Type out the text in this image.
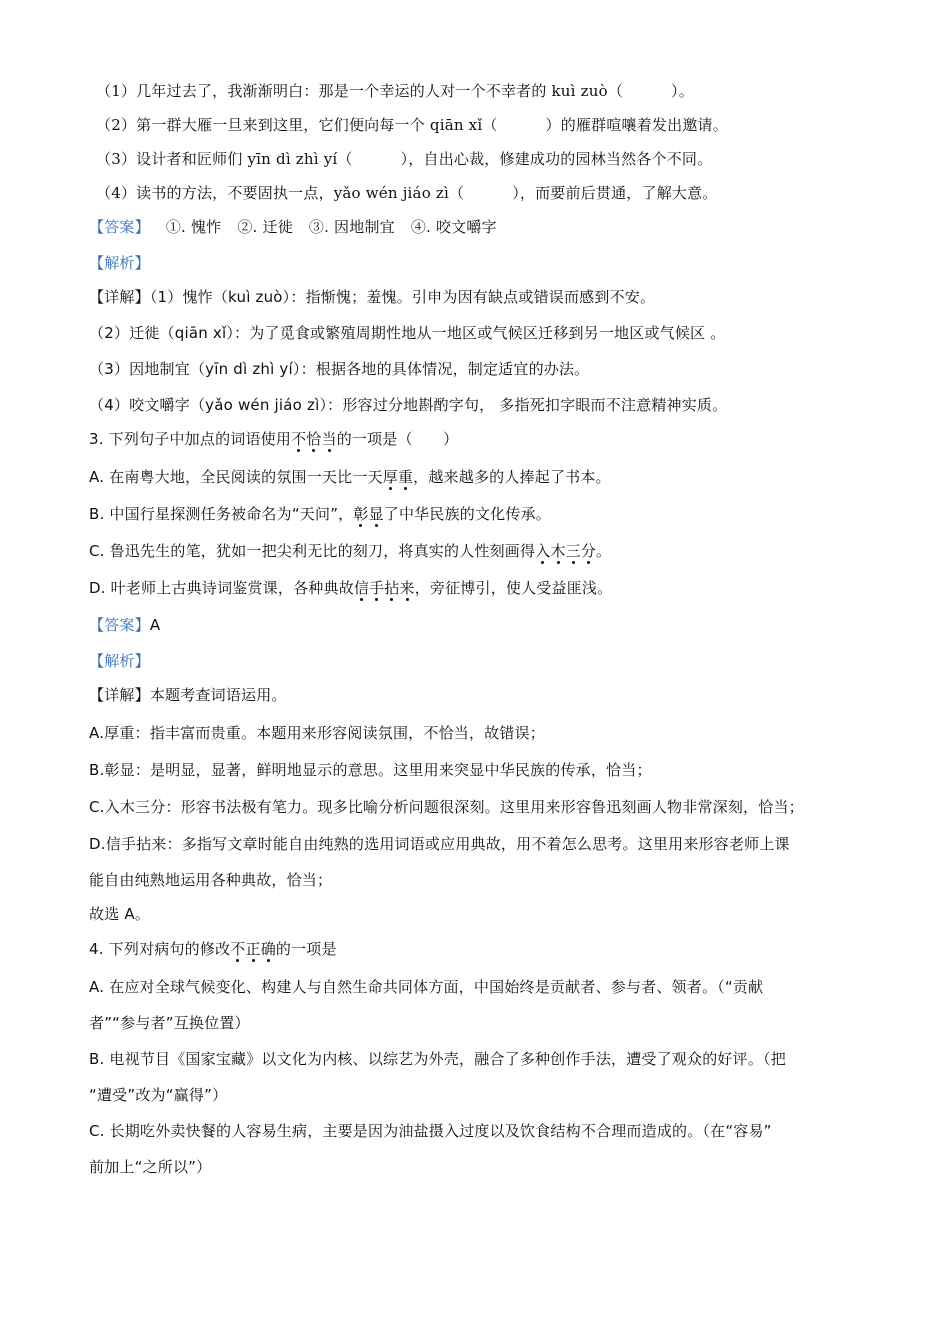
（1）几年过去了，我渐渐明白：那是一个幸运的人对一个不幸者的 kuì zuò（	）。
（2）第一群大雁一旦来到这里，它们便向每一个 qiān xǐ（	）的雁群喧嚷着发出邀请。
（3）设计者和匠师们 yīn dì zhì yí（	），自出心裁，修建成功的园林当然各个不同。
（4）读书的方法，不要固执一点，yǎo wén jiáo zì（	），而要前后贯通，了解大意。
【答案】 ①. 愧怍 ②. 迁徙 ③. 因地制宜 ④. 咬文嚼字
【解析】
【详解】（1）愧怍（kuì zuò）：指惭愧；羞愧。引申为因有缺点或错误而感到不安。
（2）迁徙（qiān xǐ）：为了觅食或繁殖周期性地从一地区或气候区迁移到另一地区或气候区 。
（3）因地制宜（yīn dì zhì yí）：根据各地的具体情况，制定适宜的办法。
（4）咬文嚼字（yǎo wén jiáo zì）：形容过分地斟酌字句， 多指死扣字眼而不注意精神实质。
3. 下列句子中加点的词语使用不恰当的一项是（　　）
A. 在南粤大地，全民阅读的氛围一天比一天厚重，越来越多的人捧起了书本。
B. 中国行星探测任务被命名为“天问”，彰显了中华民族的文化传承。
C. 鲁迅先生的笔，犹如一把尖利无比的刻刀，将真实的人性刻画得入木三分。
D. 叶老师上古典诗词鉴赏课，各种典故信手拈来，旁征博引，使人受益匪浅。
【答案】A
【解析】
【详解】本题考查词语运用。
A.厚重：指丰富而贵重。本题用来形容阅读氛围，不恰当，故错误；
B.彰显：是明显，显著，鲜明地显示的意思。这里用来突显中华民族的传承，恰当；
C.入木三分：形容书法极有笔力。现多比喻分析问题很深刻。这里用来形容鲁迅刻画人物非常深刻，恰当；
D.信手拈来：多指写文章时能自由纯熟的选用词语或应用典故，用不着怎么思考。这里用来形容老师上课
能自由纯熟地运用各种典故，恰当；
故选 A。
4. 下列对病句的修改不正确的一项是
A. 在应对全球气候变化、构建人与自然生命共同体方面，中国始终是贡献者、参与者、领者。（“贡献
者”“参与者”互换位置）
B. 电视节目《国家宝藏》以文化为内核、以综艺为外壳，融合了多种创作手法，遭受了观众的好评。（把
“遭受”改为“赢得”）
C. 长期吃外卖快餐的人容易生病，主要是因为油盐摄入过度以及饮食结构不合理而造成的。（在“容易”
前加上“之所以”）
